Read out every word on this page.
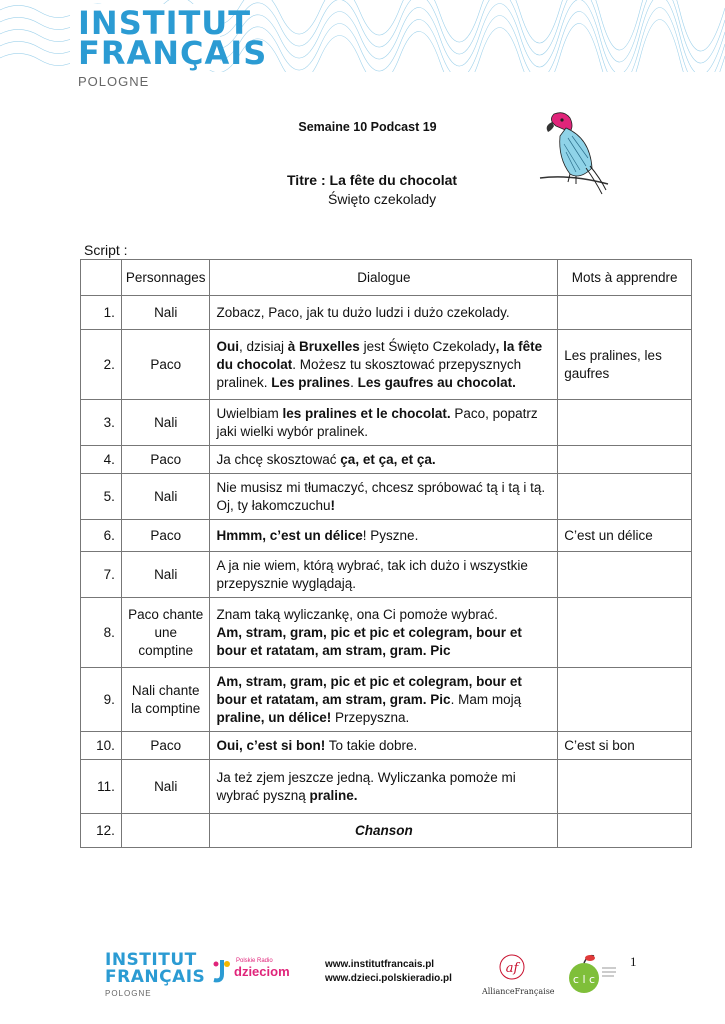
INSTITUT
FRANÇAIS
POLOGNE
Semaine 10 Podcast 19
Titre : La fête du chocolat
Święto czekolady
Script :
	Personnages	Dialogue	Mots à apprendre
1.	Nali	Zobacz, Paco, jak tu dużo ludzi i dużo czekolady.	
2.	Paco	Oui, dzisiaj à Bruxelles jest Święto Czekolady, la fête du chocolat. Możesz tu skosztować przepysznych pralinek. Les pralines. Les gaufres au chocolat.	Les pralines, les gaufres
3.	Nali	Uwielbiam les pralines et le chocolat. Paco, popatrz jaki wielki wybór pralinek.	
4.	Paco	Ja chcę skosztować ça, et ça, et ça.	
5.	Nali	Nie musisz mi tłumaczyć, chcesz spróbować tą i tą i tą. Oj, ty łakomczuchu!	
6.	Paco	Hmmm, c’est un délice! Pyszne.	C’est un délice
7.	Nali	A ja nie wiem, którą wybrać, tak ich dużo i wszystkie przepysznie wyglądają.	
8.	Paco chante une comptine	Znam taką wyliczankę, ona Ci pomoże wybrać.
Am, stram, gram, pic et pic et colegram, bour et bour et ratatam, am stram, gram. Pic	
9.	Nali chante la comptine	Am, stram, gram, pic et pic et colegram, bour et bour et ratatam, am stram, gram. Pic. Mam moją praline, un délice! Przepyszna.	
10.	Paco	Oui, c’est si bon! To takie dobre.	C’est si bon
11.	Nali	Ja też zjem jeszcze jedną. Wyliczanka pomoże mi wybrać pyszną praline.	
12.		Chanson	
INSTITUT
FRANÇAIS
POLOGNE
Polskie Radio
dzieciom	www.institutfrancais.pl
www.dzieci.polskieradio.pl
af
AllianceFrançaise
c l c
1
